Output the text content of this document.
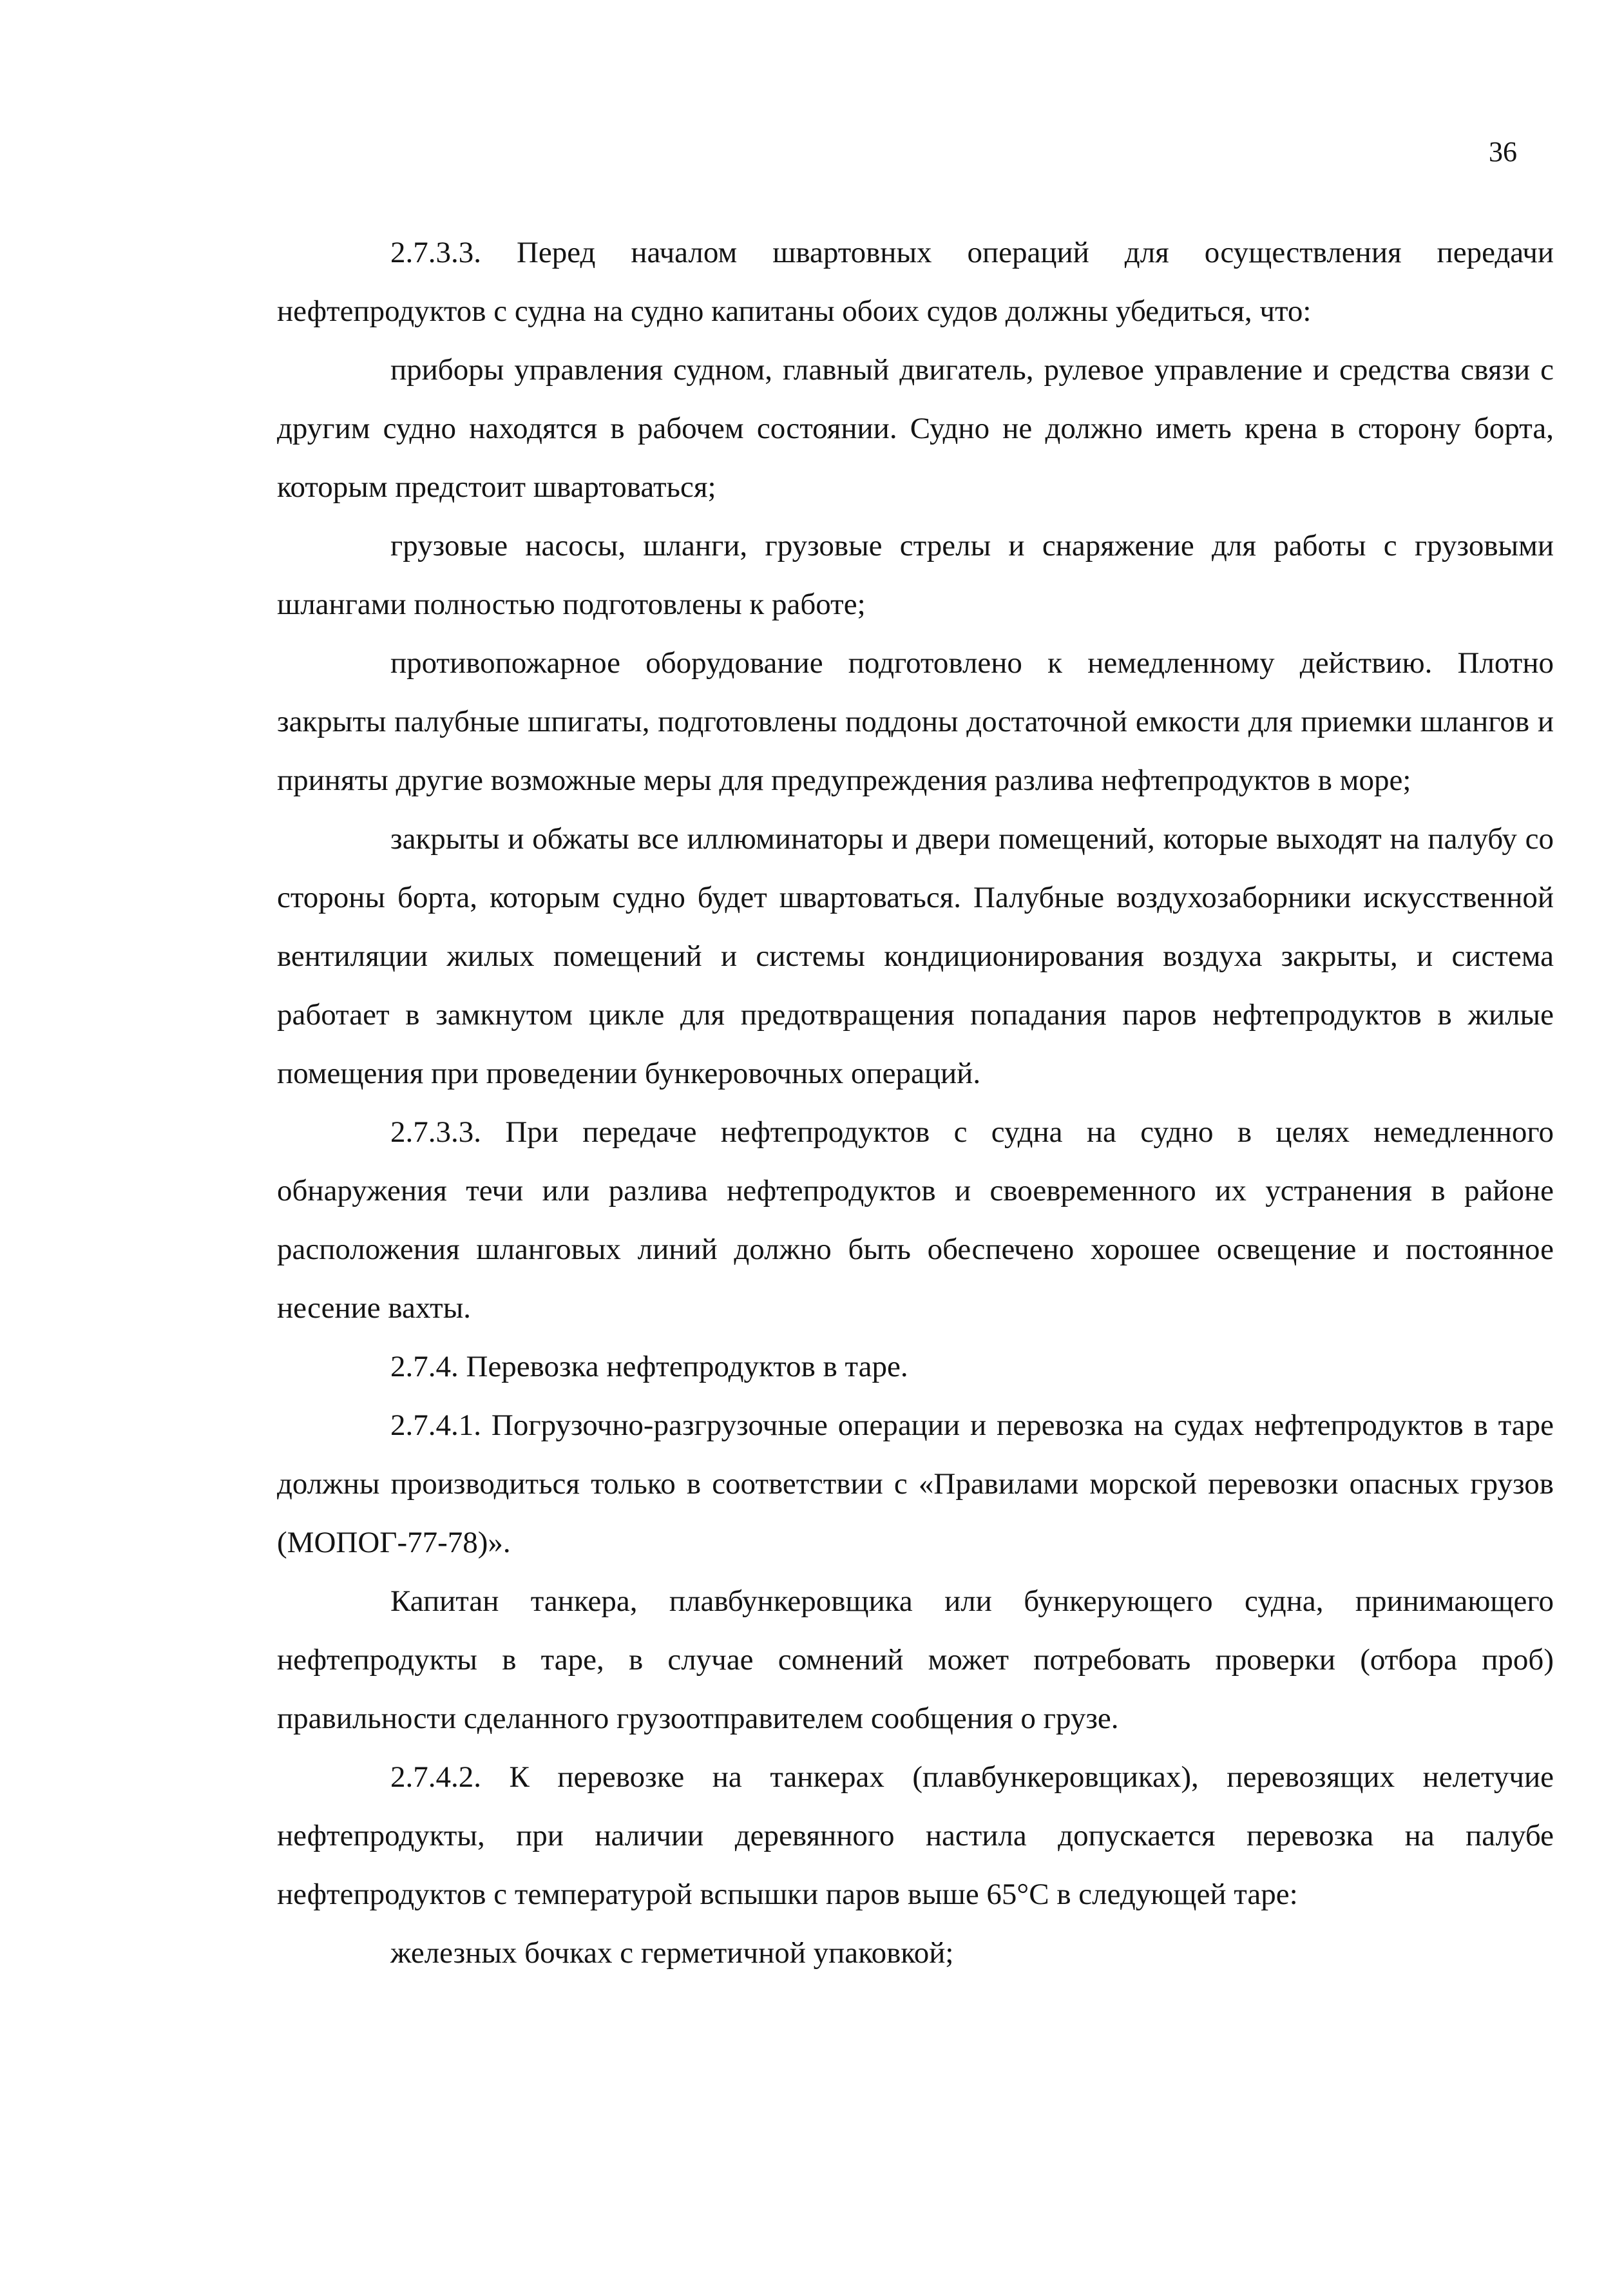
36

2.7.3.3. Перед началом швартовных операций для осуществления передачи нефтепродуктов с судна на судно капитаны обоих судов должны убедиться, что:

приборы управления судном, главный двигатель, рулевое управление и средства связи с другим судно находятся в рабочем состоянии. Судно не должно иметь крена в сторону борта, которым предстоит швартоваться;

грузовые насосы, шланги, грузовые стрелы и снаряжение для работы с грузовыми шлангами полностью подготовлены к работе;

противопожарное оборудование подготовлено к немедленному действию. Плотно закрыты палубные шпигаты, подготовлены поддоны достаточной емкости для приемки шлангов и приняты другие возможные меры для предупреждения разлива нефтепродуктов в море;

закрыты и обжаты все иллюминаторы и двери помещений, которые выходят на палубу со стороны борта, которым судно будет швартоваться. Палубные воздухозаборники искусственной вентиляции жилых помещений и системы кондиционирования воздуха закрыты, и система работает в замкнутом цикле для предотвращения попадания паров нефтепродуктов в жилые помещения при проведении бункеровочных операций.

2.7.3.3. При передаче нефтепродуктов с судна на судно в целях немедленного обнаружения течи или разлива нефтепродуктов и своевременного их устранения в районе расположения шланговых линий должно быть обеспечено хорошее освещение и постоянное несение вахты.

2.7.4. Перевозка нефтепродуктов в таре.

2.7.4.1. Погрузочно-разгрузочные операции и перевозка на судах нефтепродуктов в таре должны производиться только в соответствии с «Правилами морской перевозки опасных грузов (МОПОГ-77-78)».

Капитан танкера, плавбункеровщика или бункерующего судна, принимающего нефтепродукты в таре, в случае сомнений может потребовать проверки (отбора проб) правильности сделанного грузоотправителем сообщения о грузе.

2.7.4.2. К перевозке на танкерах (плавбункеровщиках), перевозящих нелетучие нефтепродукты, при наличии деревянного настила допускается перевозка на палубе нефтепродуктов с температурой вспышки паров выше 65°С в следующей таре:

железных бочках с герметичной упаковкой;
